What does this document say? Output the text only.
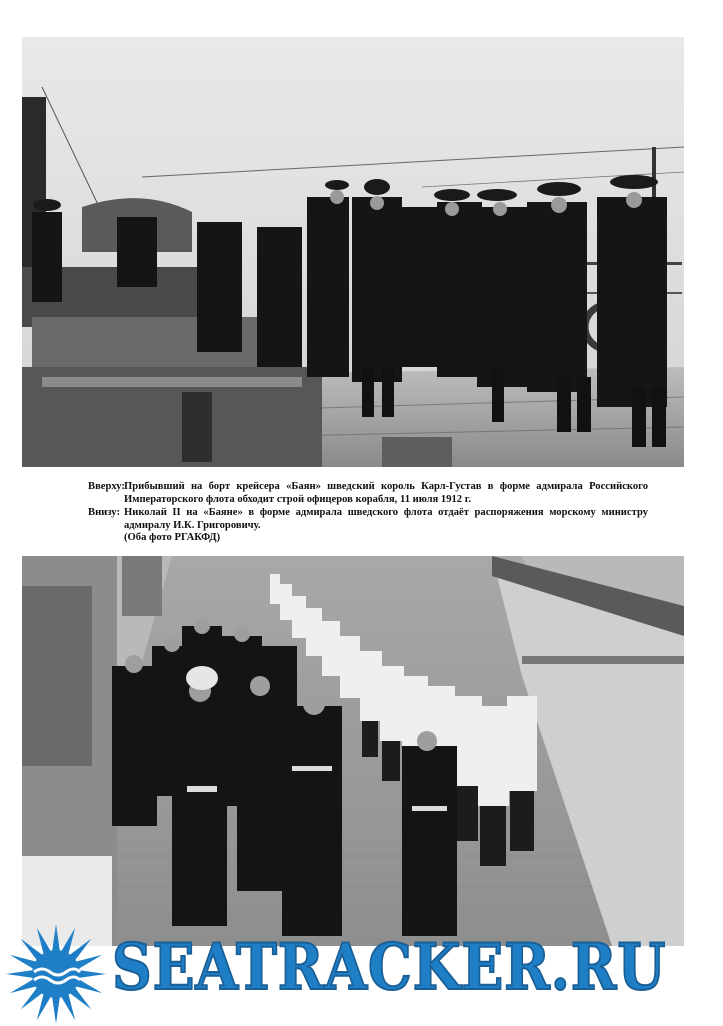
Вверху: Прибывший на борт крейсера «Баян» шведский король Карл-Густав в форме адмирала Российского Императорского флота обходит строй офицеров корабля, 11 июля 1912 г.
Внизу: Николай II на «Баяне» в форме адмирала шведского флота отдаёт распоряжения морскому министру адмиралу И.К. Григоровичу.
(Оба фото РГАКФД)
SEATRACKER.RU
